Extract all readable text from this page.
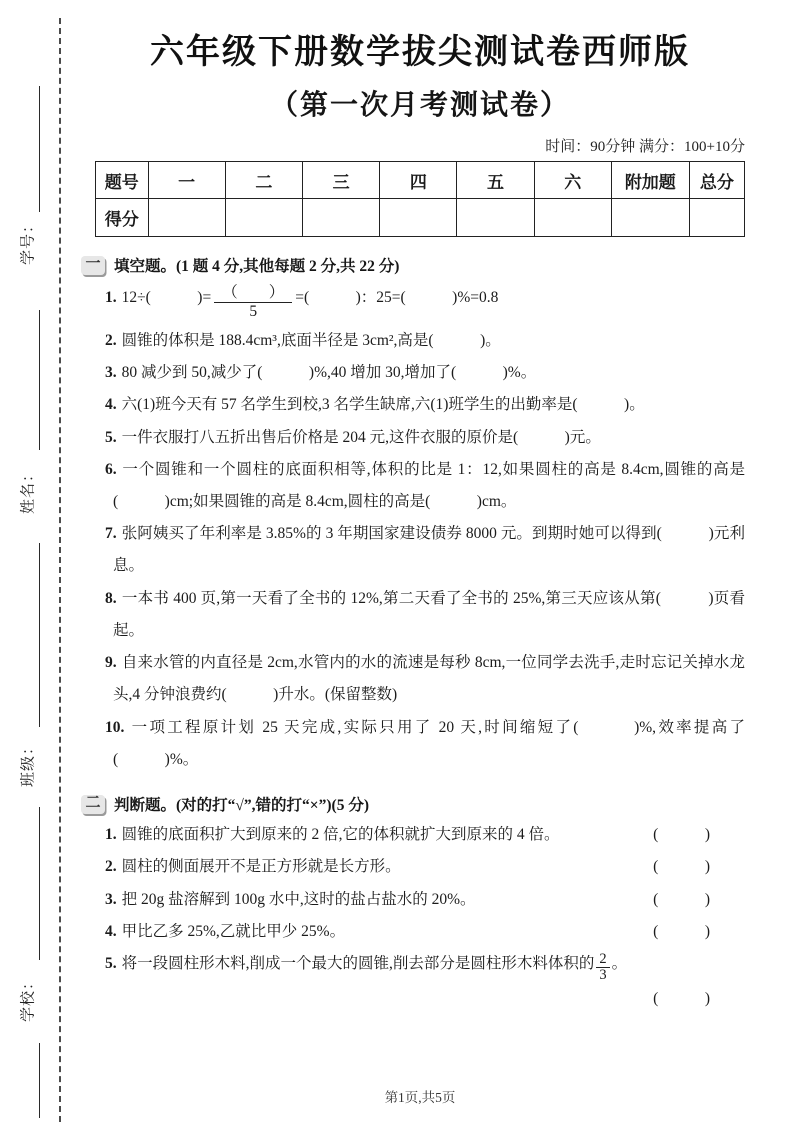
学号：
姓名：
班级：
学校：
六年级下册数学拔尖测试卷西师版
（第一次月考测试卷）
时间：90分钟 满分：100+10分
题号	一	二	三	四	五	六	附加题	总分
得分								
一 填空题。(1 题 4 分,其他每题 2 分,共 22 分)
1. 12÷(　　　)= $\frac{( )}{5}$ =(　　　)：25=(　　　)%=0.8
2. 圆锥的体积是 188.4cm³,底面半径是 3cm²,高是(　　　)。
3. 80 减少到 50,减少了(　　　)%,40 增加 30,增加了(　　　)%。
4. 六(1)班今天有 57 名学生到校,3 名学生缺席,六(1)班学生的出勤率是(　　　)。
5. 一件衣服打八五折出售后价格是 204 元,这件衣服的原价是(　　　)元。
6. 一个圆锥和一个圆柱的底面积相等,体积的比是 1：12,如果圆柱的高是 8.4cm,圆锥的高是(　　　)cm;如果圆锥的高是 8.4cm,圆柱的高是(　　　)cm。
7. 张阿姨买了年利率是 3.85%的 3 年期国家建设债券 8000 元。到期时她可以得到(　　　)元利息。
8. 一本书 400 页,第一天看了全书的 12%,第二天看了全书的 25%,第三天应该从第(　　　)页看起。
9. 自来水管的内直径是 2cm,水管内的水的流速是每秒 8cm,一位同学去洗手,走时忘记关掉水龙头,4 分钟浪费约(　　　)升水。(保留整数)
10. 一项工程原计划 25 天完成,实际只用了 20 天,时间缩短了(　　　)%,效率提高了(　　　)%。
二 判断题。(对的打“√”,错的打“×”)(5 分)
1. 圆锥的底面积扩大到原来的 2 倍,它的体积就扩大到原来的 4 倍。	(　　　)
2. 圆柱的侧面展开不是正方形就是长方形。	(　　　)
3. 把 20g 盐溶解到 100g 水中,这时的盐占盐水的 20%。	(　　　)
4. 甲比乙多 25%,乙就比甲少 25%。	(　　　)
5. 将一段圆柱形木料,削成一个最大的圆锥,削去部分是圆柱形木料体积的 $\frac{2}{3}$ 。
(　　　)
第1页,共5页
